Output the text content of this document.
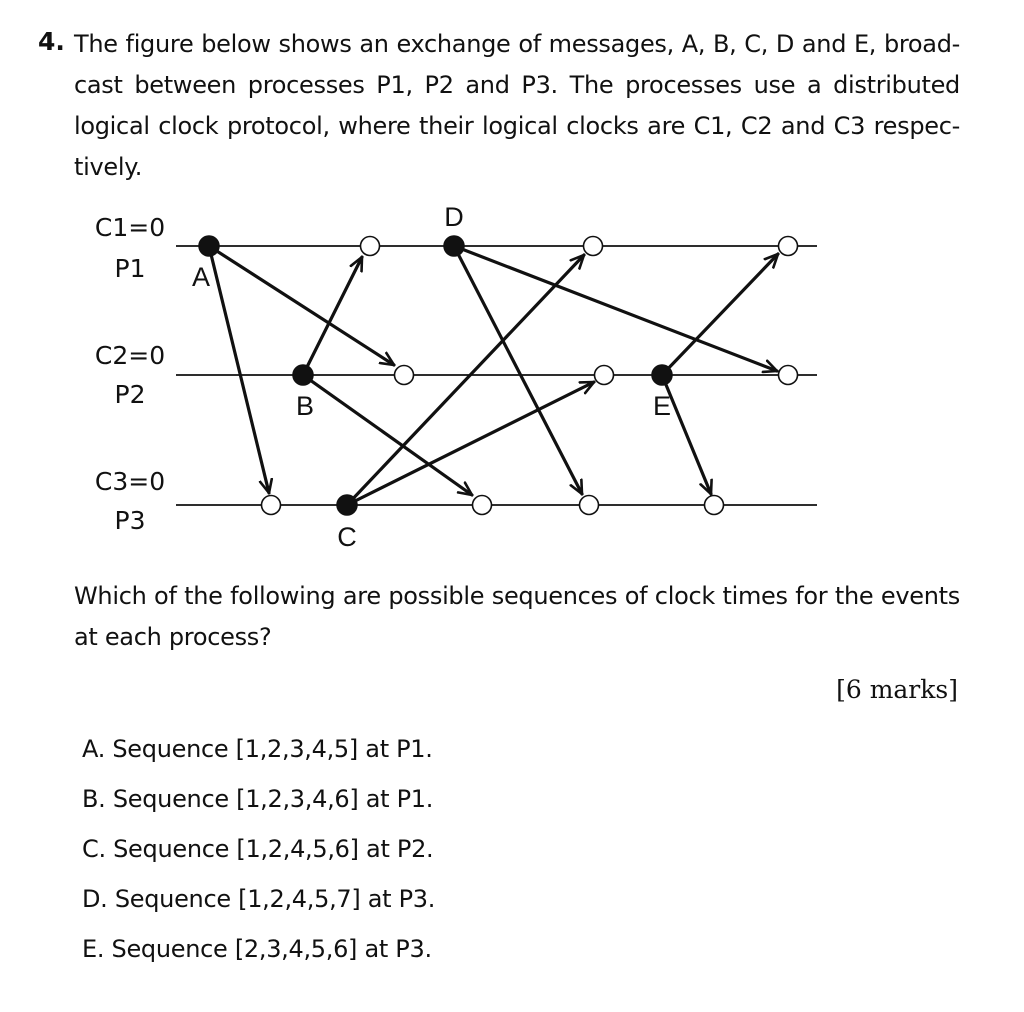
4. The figure below shows an exchange of messages, A, B, C, D and E, broad-
cast between processes P1, P2 and P3. The processes use a distributed
logical clock protocol, where their logical clocks are C1, C2 and C3 respec-
tively.

C1=0
P1
C2=0
P2
C3=0
P3
A
B
C
D
E

Which of the following are possible sequences of clock times for the events
at each process?

[6 marks]
A. Sequence [1,2,3,4,5] at P1.
B. Sequence [1,2,3,4,6] at P1.
C. Sequence [1,2,4,5,6] at P2.
D. Sequence [1,2,4,5,7] at P3.
E. Sequence [2,3,4,5,6] at P3.
